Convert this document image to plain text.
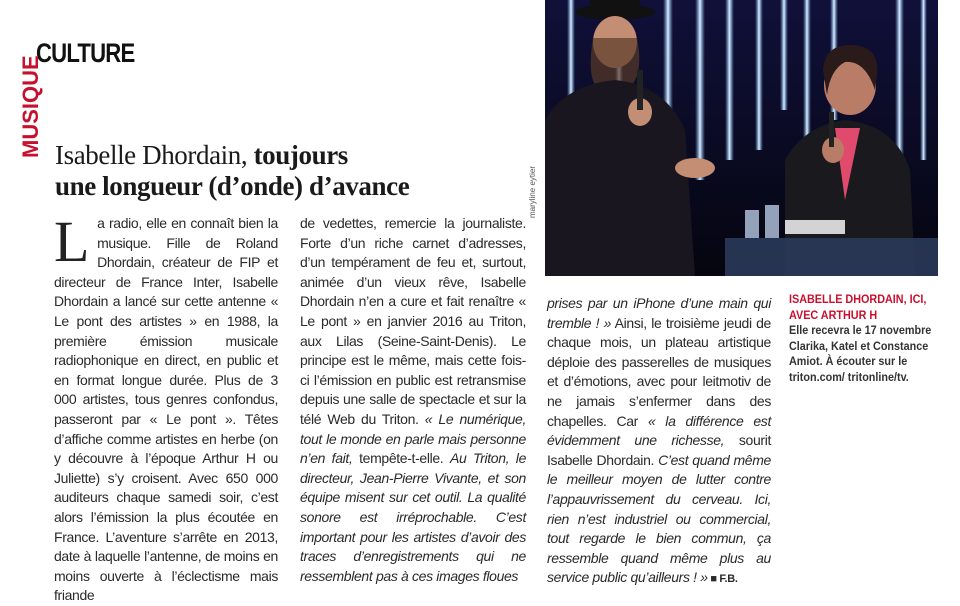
CULTURE
MUSIQUE Isabelle Dhordain, toujours
une longueur (d’onde) d’avance
L a radio, elle en connaît bien la musique. Fille de Roland Dhordain, créateur de FIP et directeur de France Inter, Isabelle Dhordain a lancé sur cette antenne « Le pont des artistes » en 1988, la première émission musicale radiophonique en direct, en public et en format longue durée. Plus de 3 000 artistes, tous genres confondus, passeront par « Le pont ». Têtes d’affiche comme artistes en herbe (on y découvre à l’époque Arthur H ou Juliette) s’y croisent. Avec 650 000 auditeurs chaque samedi soir, c’est alors l’émission la plus écoutée en France. L’aventure s’arrête en 2013, date à laquelle l’antenne, de moins en moins ouverte à l’éclectisme mais friande

de vedettes, remercie la journaliste. Forte d’un riche carnet d’adresses, d’un tempérament de feu et, surtout, animée d’un vieux rêve, Isabelle Dhordain n’en a cure et fait renaître « Le pont » en janvier 2016 au Triton, aux Lilas (Seine-Saint-Denis). Le principe est le même, mais cette fois-ci l’émission en public est retransmise depuis une salle de spectacle et sur la télé Web du Triton. « Le numérique, tout le monde en parle mais personne n’en fait, tempête-t-elle. Au Triton, le directeur, Jean-Pierre Vivante, et son équipe misent sur cet outil. La qualité sonore est irréprochable. C’est important pour les artistes d’avoir des traces d’enregistrements qui ne ressemblent pas à ces images floues

prises par un iPhone d’une main qui tremble ! » Ainsi, le troisième jeudi de chaque mois, un plateau artistique déploie des passerelles de musiques et d’émotions, avec pour leitmotiv de ne jamais s’enfermer dans des chapelles. Car « la différence est évidemment une richesse, sourit Isabelle Dhordain. C’est quand même le meilleur moyen de lutter contre l’appauvrissement du cerveau. Ici, rien n’est industriel ou commercial, tout regarde le bien commun, ça ressemble quand même plus au service public qu’ailleurs ! » ■ F.B.

maryline eytier
ISABELLE DHORDAIN, ICI, AVEC ARTHUR H
Elle recevra le 17 novembre Clarika, Katel et Constance Amiot. À écouter sur le triton.com/ tritonline/tv.
